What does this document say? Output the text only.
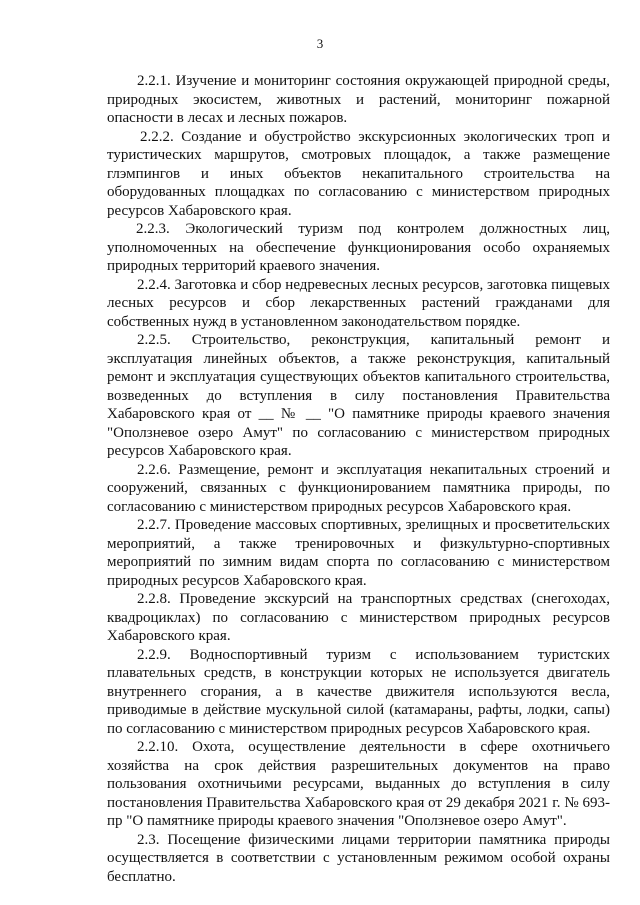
3

2.2.1. Изучение и мониторинг состояния окружающей природной среды, природных экосистем, животных и растений, мониторинг пожарной опасности в лесах и лесных пожаров.

2.2.2. Создание и обустройство экскурсионных экологических троп и туристических маршрутов, смотровых площадок, а также размещение глэмпингов и иных объектов некапитального строительства на оборудованных площадках по согласованию с министерством природных ресурсов Хабаровского края.

2.2.3. Экологический туризм под контролем должностных лиц, уполномоченных на обеспечение функционирования особо охраняемых природных территорий краевого значения.

2.2.4. Заготовка и сбор недревесных лесных ресурсов, заготовка пищевых лесных ресурсов и сбор лекарственных растений гражданами для собственных нужд в установленном законодательством порядке.

2.2.5. Строительство, реконструкция, капитальный ремонт и эксплуатация линейных объектов, а также реконструкция, капитальный ремонт и эксплуатация существующих объектов капитального строительства, возведенных до вступления в силу постановления Правительства Хабаровского края от __ № __ "О памятнике природы краевого значения "Оползневое озеро Амут" по согласованию с министерством природных ресурсов Хабаровского края.

2.2.6. Размещение, ремонт и эксплуатация некапитальных строений и сооружений, связанных с функционированием памятника природы, по согласованию с министерством природных ресурсов Хабаровского края.

2.2.7. Проведение массовых спортивных, зрелищных и просветительских мероприятий, а также тренировочных и физкультурно-спортивных мероприятий по зимним видам спорта по согласованию с министерством природных ресурсов Хабаровского края.

2.2.8. Проведение экскурсий на транспортных средствах (снегоходах, квадроциклах) по согласованию с министерством природных ресурсов Хабаровского края.

2.2.9. Водноспортивный туризм с использованием туристских плавательных средств, в конструкции которых не используется двигатель внутреннего сгорания, а в качестве движителя используются весла, приводимые в действие мускульной силой (катамараны, рафты, лодки, сапы) по согласованию с министерством природных ресурсов Хабаровского края.

2.2.10. Охота, осуществление деятельности в сфере охотничьего хозяйства на срок действия разрешительных документов на право пользования охотничьими ресурсами, выданных до вступления в силу постановления Правительства Хабаровского края от 29 декабря 2021 г. № 693-пр "О памятнике природы краевого значения "Оползневое озеро Амут".

2.3. Посещение физическими лицами территории памятника природы осуществляется в соответствии с установленным режимом особой охраны бесплатно.
